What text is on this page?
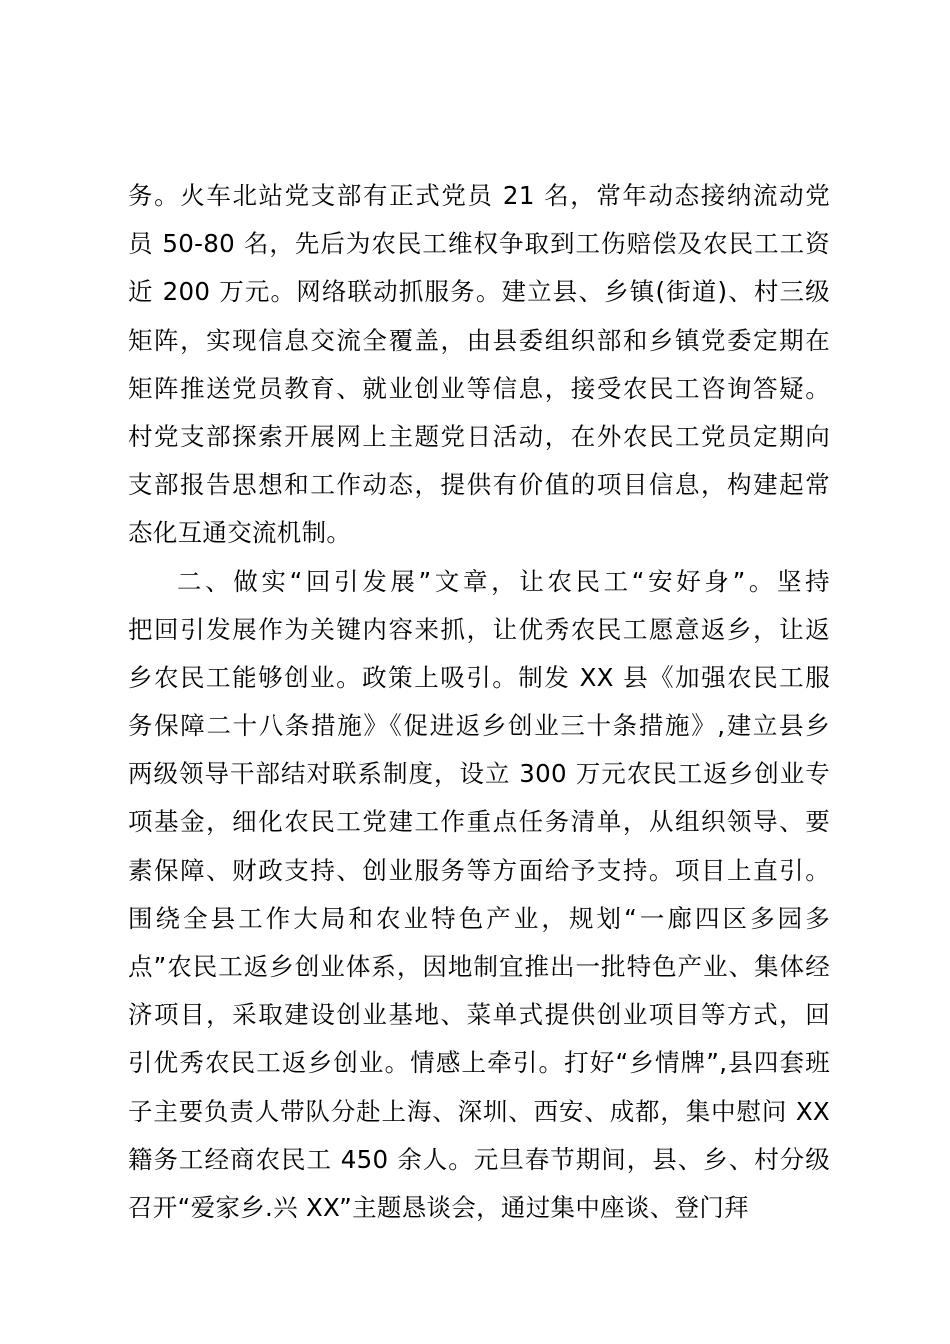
务。火车北站党支部有正式党员 21 名，常年动态接纳流动党
员 50-80 名，先后为农民工维权争取到工伤赔偿及农民工工资
近 200 万元。网络联动抓服务。建立县、乡镇(街道)、村三级
矩阵，实现信息交流全覆盖，由县委组织部和乡镇党委定期在
矩阵推送党员教育、就业创业等信息，接受农民工咨询答疑。
村党支部探索开展网上主题党日活动，在外农民工党员定期向
支部报告思想和工作动态，提供有价值的项目信息，构建起常
态化互通交流机制。
二、做实“回引发展”文章，让农民工“安好身”。坚持
把回引发展作为关键内容来抓，让优秀农民工愿意返乡，让返
乡农民工能够创业。政策上吸引。制发 XX 县《加强农民工服
务保障二十八条措施》《促进返乡创业三十条措施》,建立县乡
两级领导干部结对联系制度，设立 300 万元农民工返乡创业专
项基金，细化农民工党建工作重点任务清单，从组织领导、要
素保障、财政支持、创业服务等方面给予支持。项目上直引。
围绕全县工作大局和农业特色产业，规划“一廊四区多园多
点”农民工返乡创业体系，因地制宜推出一批特色产业、集体经
济项目，采取建设创业基地、菜单式提供创业项目等方式，回
引优秀农民工返乡创业。情感上牵引。打好“乡情牌”,县四套班
子主要负责人带队分赴上海、深圳、西安、成都，集中慰问 XX
籍务工经商农民工 450 余人。元旦春节期间，县、乡、村分级
召开“爱家乡.兴 XX”主题恳谈会，通过集中座谈、登门拜
